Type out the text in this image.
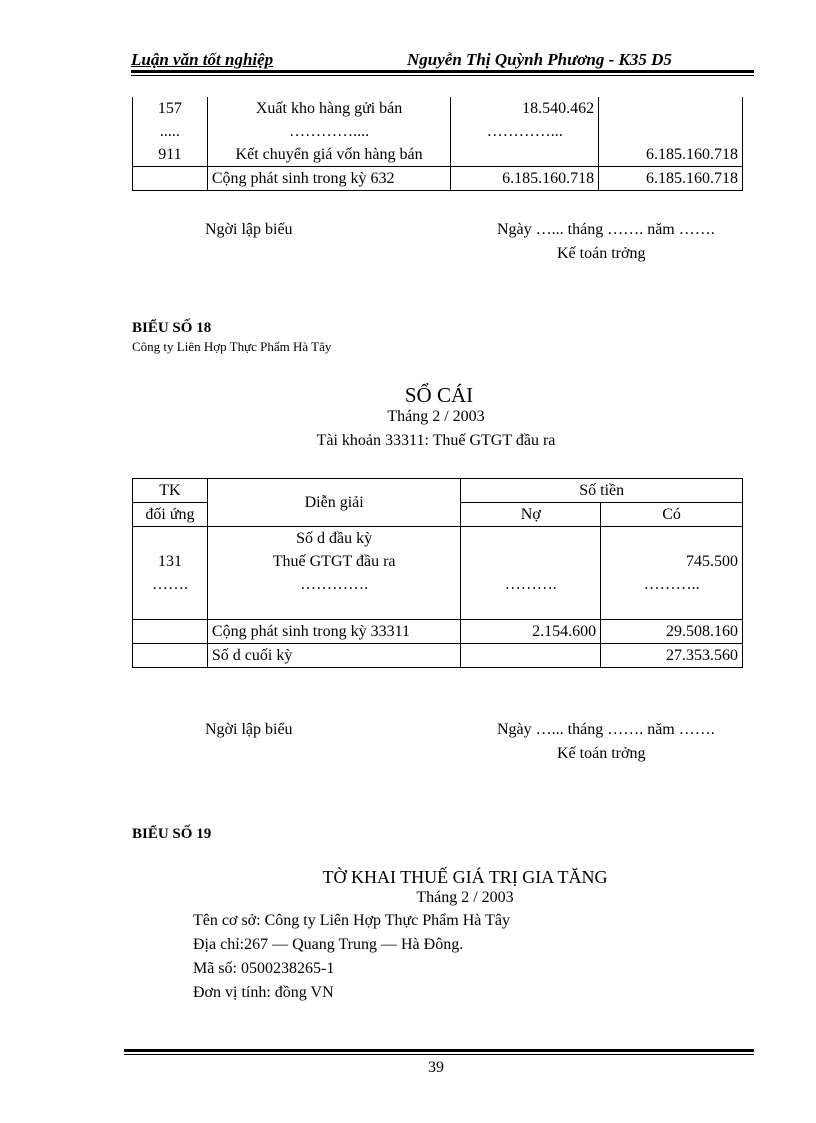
Luận văn tốt nghiệp	Nguyễn Thị Quỳnh Phương - K35 D5
157	Xuất kho hàng gửi bán	18.540.462	
.....	…………....	…………...	
911	Kết chuyển giá vốn hàng bán		6.185.160.718
	Cộng phát sinh trong kỳ 632	6.185.160.718	6.185.160.718
Ngời lập biểu	Ngày …... tháng ……. năm …….
Kế toán trởng
BIỂU SỐ 18
Công ty Liên Hợp Thực Phẩm Hà Tây
SỔ CÁI
Tháng 2 / 2003
Tài khoản 33311: Thuế GTGT đầu ra
TK	Diễn giải	Số tiền	
đối ứng		Nợ	Có
	Số d đầu kỳ		
131	Thuế GTGT đầu ra		745.500
…….	………….	……….	………..

	Cộng phát sinh trong kỳ 33311	2.154.600	29.508.160
	Số d cuối kỳ		27.353.560
Ngời lập biểu	Ngày …... tháng ……. năm …….
Kế toán trởng
BIỂU SỐ 19
TỜ KHAI THUẾ GIÁ TRỊ GIA TĂNG
Tháng 2 / 2003
Tên cơ sở: Công ty Liên Hợp Thực Phẩm Hà Tây
Địa chỉ:267 — Quang Trung — Hà Đông.
Mã số: 0500238265-1
Đơn vị tính: đồng VN
39
